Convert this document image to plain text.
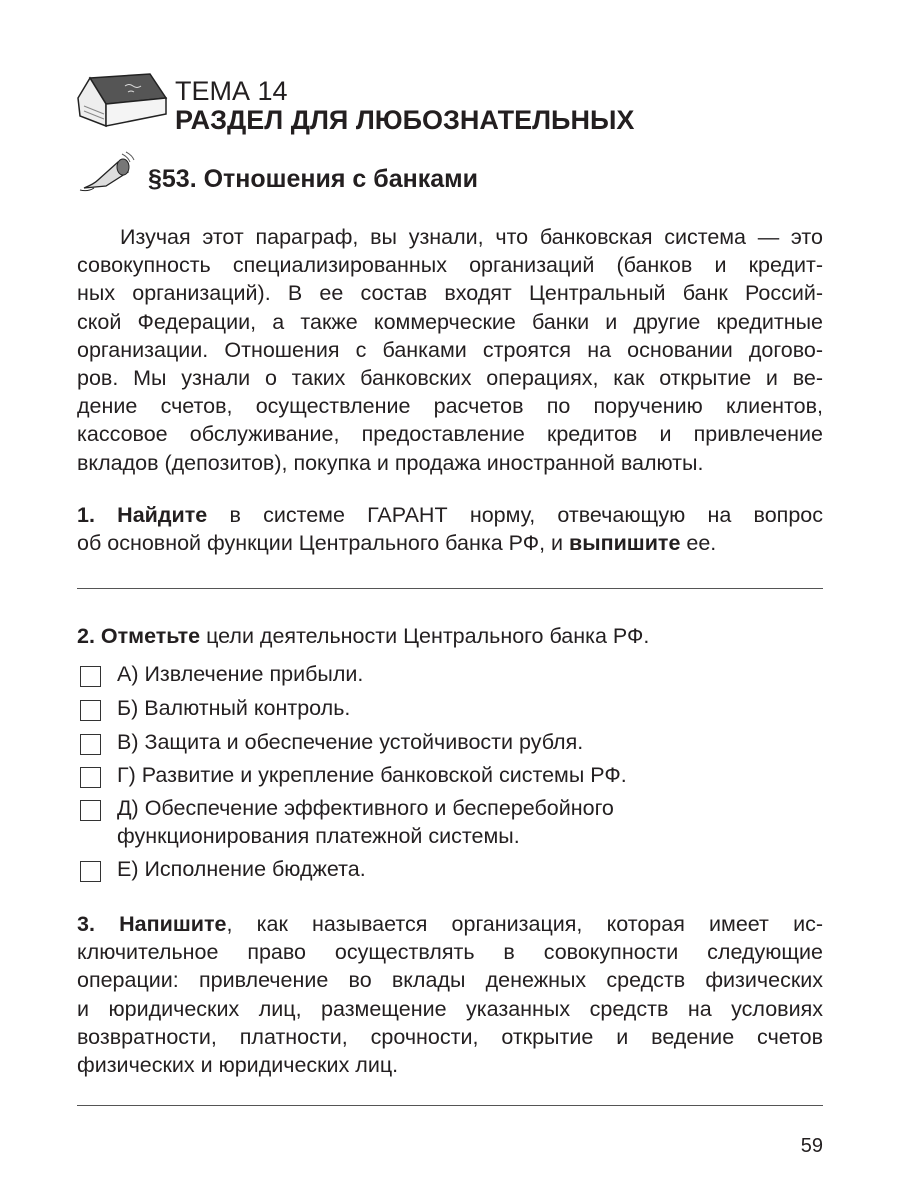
ТЕМА 14
РАЗДЕЛ ДЛЯ ЛЮБОЗНАТЕЛЬНЫХ
§53. Отношения с банками
Изучая этот параграф, вы узнали, что банковская система — это
совокупность специализированных организаций (банков и кредит-
ных организаций). В ее состав входят Центральный банк Россий-
ской Федерации, а также коммерческие банки и другие кредитные
организации. Отношения с банками строятся на основании догово-
ров. Мы узнали о таких банковских операциях, как открытие и ве-
дение счетов, осуществление расчетов по поручению клиентов,
кассовое обслуживание, предоставление кредитов и привлечение
вкладов (депозитов), покупка и продажа иностранной валюты.
1. Найдите в системе ГАРАНТ норму, отвечающую на вопрос
об основной функции Центрального банка РФ, и выпишите ее.
2. Отметьте цели деятельности Центрального банка РФ.
А) Извлечение прибыли.
Б) Валютный контроль.
В) Защита и обеспечение устойчивости рубля.
Г) Развитие и укрепление банковской системы РФ.
Д) Обеспечение эффективного и бесперебойного
функционирования платежной системы.
Е) Исполнение бюджета.
3. Напишите, как называется организация, которая имеет ис-
ключительное право осуществлять в совокупности следующие
операции: привлечение во вклады денежных средств физических
и юридических лиц, размещение указанных средств на условиях
возвратности, платности, срочности, открытие и ведение счетов
физических и юридических лиц.
59
